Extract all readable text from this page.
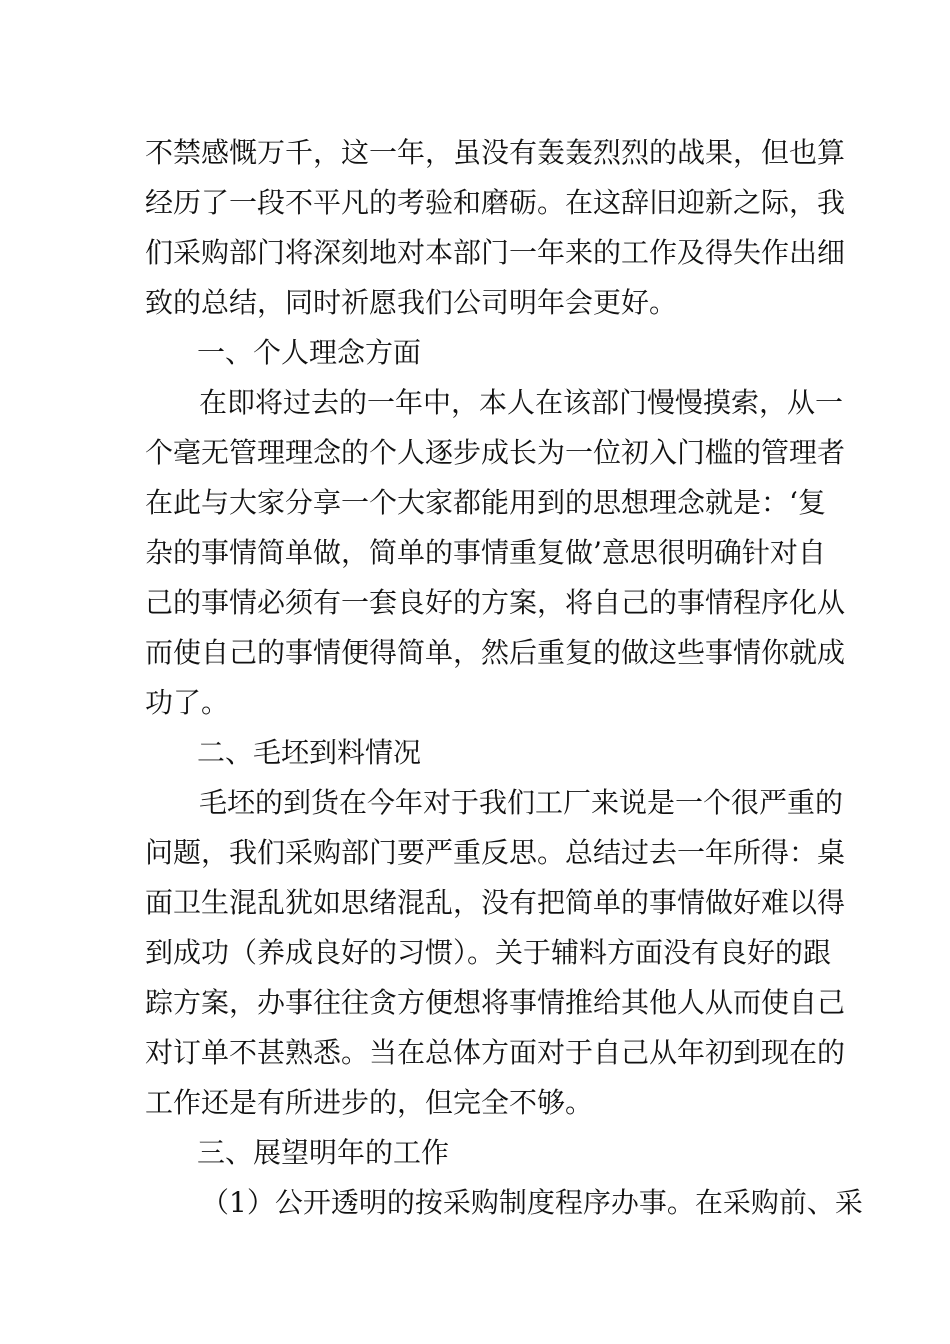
不禁感慨万千，这一年，虽没有轰轰烈烈的战果，但也算
经历了一段不平凡的考验和磨砺。在这辞旧迎新之际，我
们采购部门将深刻地对本部门一年来的工作及得失作出细
致的总结，同时祈愿我们公司明年会更好。
一、个人理念方面
在即将过去的一年中，本人在该部门慢慢摸索，从一
个毫无管理理念的个人逐步成长为一位初入门槛的管理者
在此与大家分享一个大家都能用到的思想理念就是：‘复
杂的事情简单做，简单的事情重复做’意思很明确针对自
己的事情必须有一套良好的方案，将自己的事情程序化从
而使自己的事情便得简单，然后重复的做这些事情你就成
功了。
二、毛坯到料情况
毛坯的到货在今年对于我们工厂来说是一个很严重的
问题，我们采购部门要严重反思。总结过去一年所得：桌
面卫生混乱犹如思绪混乱，没有把简单的事情做好难以得
到成功（养成良好的习惯）。关于辅料方面没有良好的跟
踪方案，办事往往贪方便想将事情推给其他人从而使自己
对订单不甚熟悉。当在总体方面对于自己从年初到现在的
工作还是有所进步的，但完全不够。
三、展望明年的工作
（1）公开透明的按采购制度程序办事。在采购前、采
